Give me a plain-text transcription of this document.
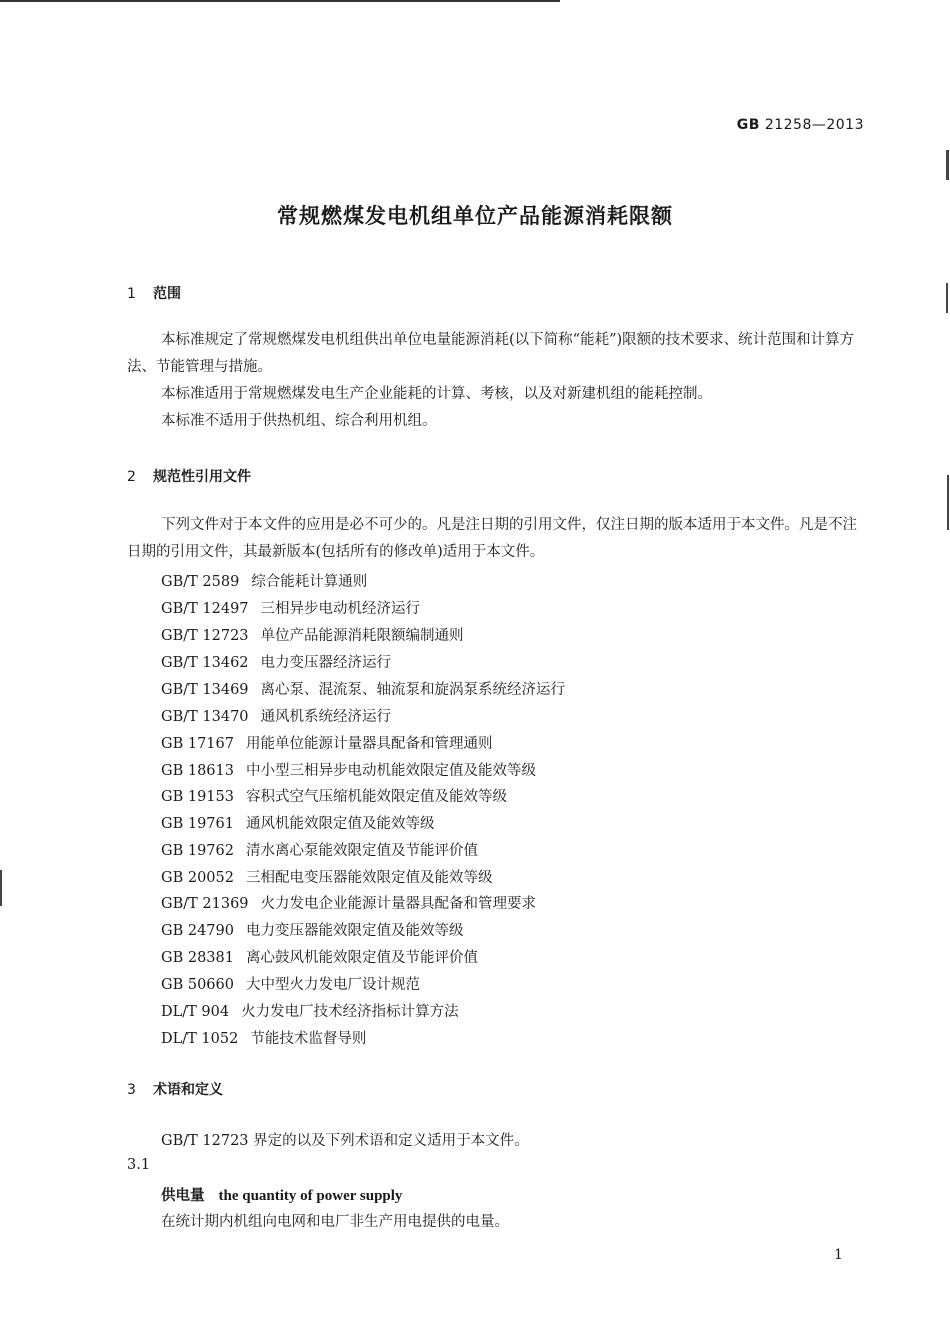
GB 21258—2013
常规燃煤发电机组单位产品能源消耗限额
1 范围
本标准规定了常规燃煤发电机组供出单位电量能源消耗(以下简称“能耗”)限额的技术要求、统计范围和计算方法、节能管理与措施。
本标准适用于常规燃煤发电生产企业能耗的计算、考核，以及对新建机组的能耗控制。
本标准不适用于供热机组、综合利用机组。
2 规范性引用文件
下列文件对于本文件的应用是必不可少的。凡是注日期的引用文件，仅注日期的版本适用于本文件。凡是不注日期的引用文件，其最新版本(包括所有的修改单)适用于本文件。
GB/T 2589 综合能耗计算通则
GB/T 12497 三相异步电动机经济运行
GB/T 12723 单位产品能源消耗限额编制通则
GB/T 13462 电力变压器经济运行
GB/T 13469 离心泵、混流泵、轴流泵和旋涡泵系统经济运行
GB/T 13470 通风机系统经济运行
GB 17167 用能单位能源计量器具配备和管理通则
GB 18613 中小型三相异步电动机能效限定值及能效等级
GB 19153 容积式空气压缩机能效限定值及能效等级
GB 19761 通风机能效限定值及能效等级
GB 19762 清水离心泵能效限定值及节能评价值
GB 20052 三相配电变压器能效限定值及能效等级
GB/T 21369 火力发电企业能源计量器具配备和管理要求
GB 24790 电力变压器能效限定值及能效等级
GB 28381 离心鼓风机能效限定值及节能评价值
GB 50660 大中型火力发电厂设计规范
DL/T 904 火力发电厂技术经济指标计算方法
DL/T 1052 节能技术监督导则
3 术语和定义
GB/T 12723 界定的以及下列术语和定义适用于本文件。
3.1
供电量 the quantity of power supply
在统计期内机组向电网和电厂非生产用电提供的电量。
1
